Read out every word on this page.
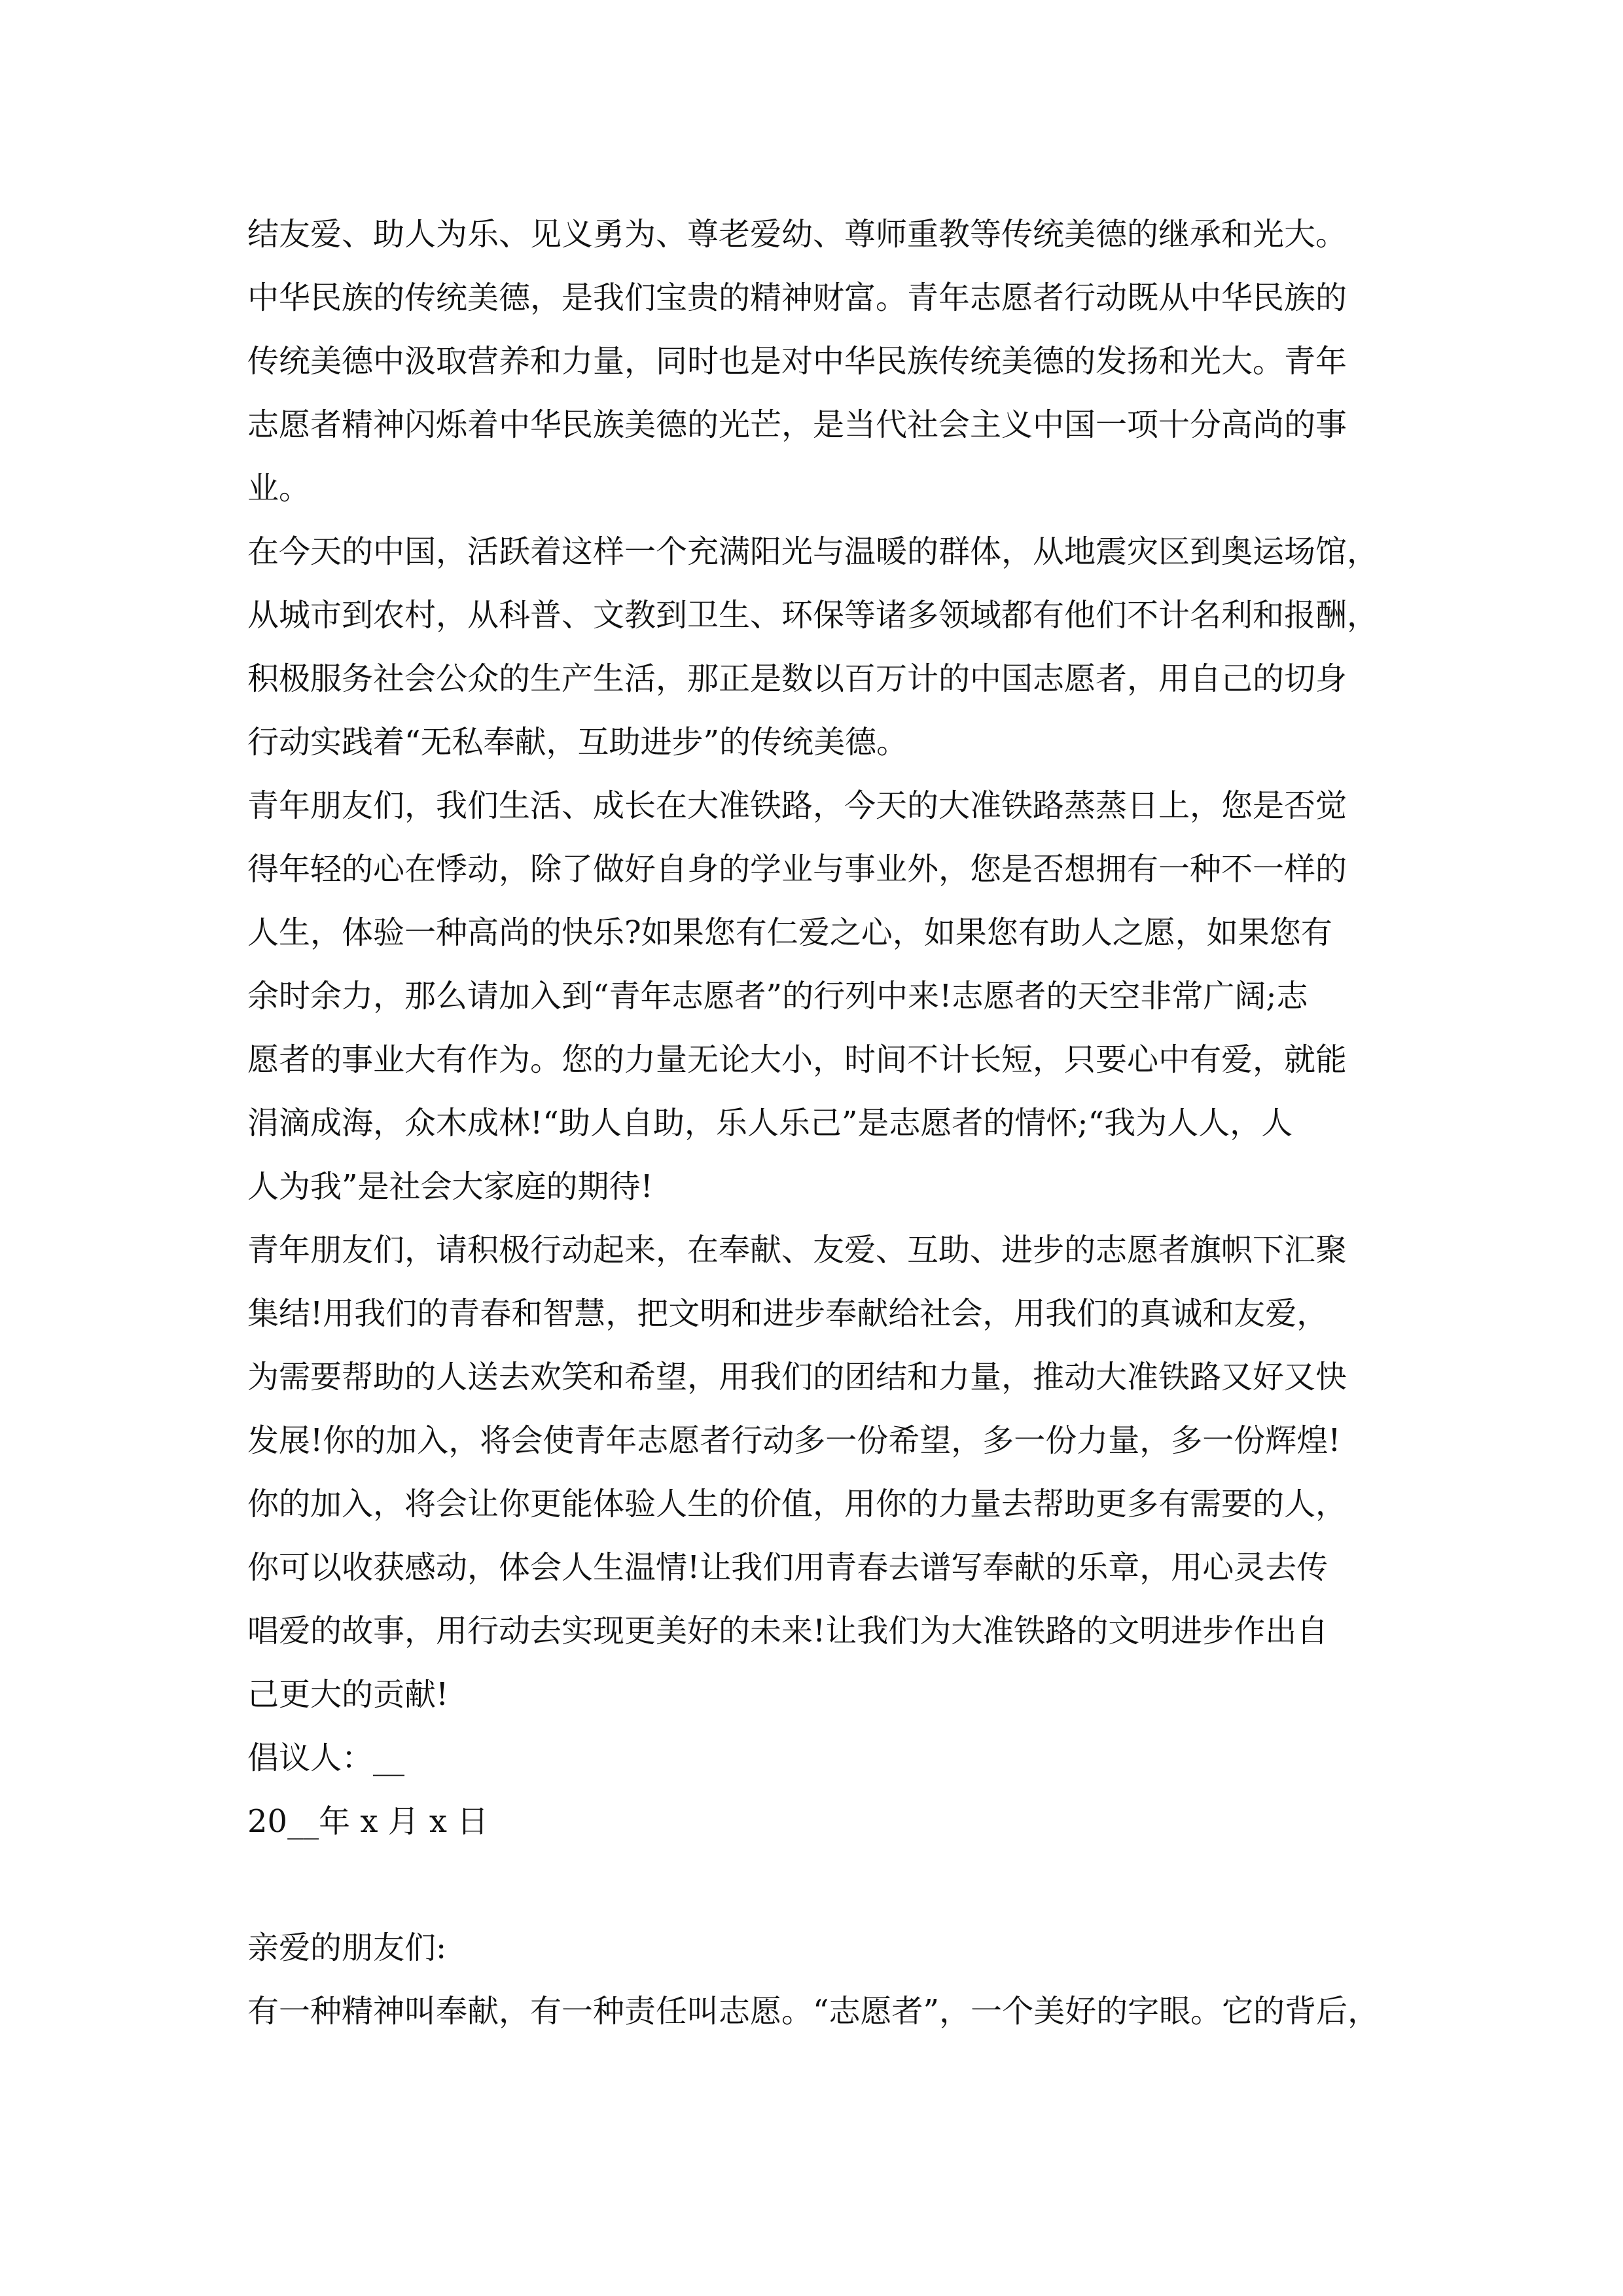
结友爱、助人为乐、见义勇为、尊老爱幼、尊师重教等传统美德的继承和光大。
中华民族的传统美德，是我们宝贵的精神财富。青年志愿者行动既从中华民族的
传统美德中汲取营养和力量，同时也是对中华民族传统美德的发扬和光大。青年
志愿者精神闪烁着中华民族美德的光芒，是当代社会主义中国一项十分高尚的事
业。
在今天的中国，活跃着这样一个充满阳光与温暖的群体，从地震灾区到奥运场馆，
从城市到农村，从科普、文教到卫生、环保等诸多领域都有他们不计名利和报酬，
积极服务社会公众的生产生活，那正是数以百万计的中国志愿者，用自己的切身
行动实践着“无私奉献，互助进步”的传统美德。
青年朋友们，我们生活、成长在大准铁路，今天的大准铁路蒸蒸日上，您是否觉
得年轻的心在悸动，除了做好自身的学业与事业外，您是否想拥有一种不一样的
人生，体验一种高尚的快乐?如果您有仁爱之心，如果您有助人之愿，如果您有
余时余力，那么请加入到“青年志愿者”的行列中来!志愿者的天空非常广阔;志
愿者的事业大有作为。您的力量无论大小，时间不计长短，只要心中有爱，就能
涓滴成海，众木成林!“助人自助，乐人乐己”是志愿者的情怀;“我为人人，人
人为我”是社会大家庭的期待!
青年朋友们，请积极行动起来，在奉献、友爱、互助、进步的志愿者旗帜下汇聚
集结!用我们的青春和智慧，把文明和进步奉献给社会，用我们的真诚和友爱，
为需要帮助的人送去欢笑和希望，用我们的团结和力量，推动大准铁路又好又快
发展!你的加入，将会使青年志愿者行动多一份希望，多一份力量，多一份辉煌!
你的加入，将会让你更能体验人生的价值，用你的力量去帮助更多有需要的人，
你可以收获感动，体会人生温情!让我们用青春去谱写奉献的乐章，用心灵去传
唱爱的故事，用行动去实现更美好的未来!让我们为大准铁路的文明进步作出自
己更大的贡献!
倡议人：__
20__年 x 月 x 日
亲爱的朋友们:
有一种精神叫奉献，有一种责任叫志愿。“志愿者”，一个美好的字眼。它的背后，
